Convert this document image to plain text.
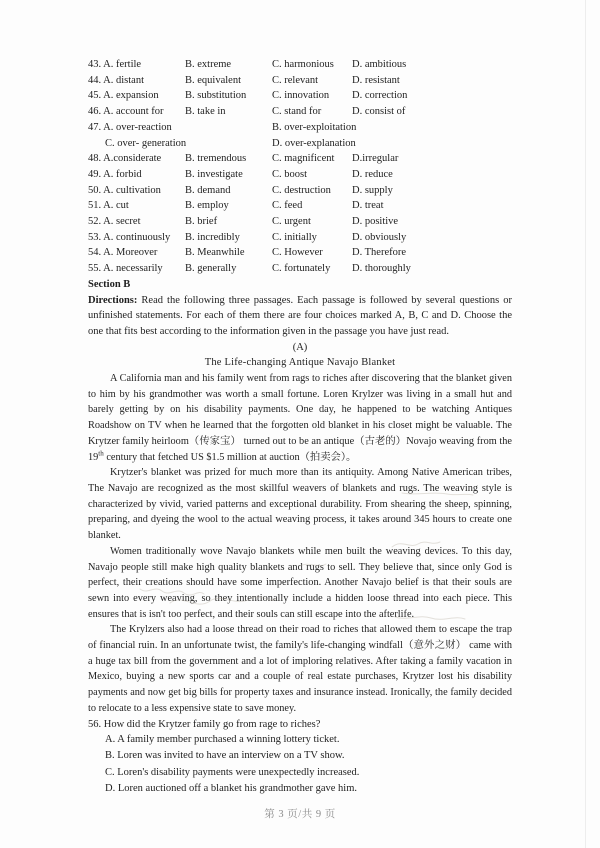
43. A. fertile	B. extreme	C. harmonious	D. ambitious
44. A. distant	B. equivalent	C. relevant	D. resistant
45. A. expansion	B. substitution	C. innovation	D. correction
46. A. account for	B. take in	C. stand for	D. consist of
47. A. over-reaction	B. over-exploitation
C. over- generation	D. over-explanation
48. A.considerate	B. tremendous	C. magnificent	D.irregular
49. A. forbid	B. investigate	C. boost	D. reduce
50. A. cultivation	B. demand	C. destruction	D. supply
51. A. cut	B. employ	C. feed	D. treat
52. A. secret	B. brief	C. urgent	D. positive
53. A. continuously	B. incredibly	C. initially	D. obviously
54. A. Moreover	B. Meanwhile	C. However	D. Therefore
55. A. necessarily	B. generally	C. fortunately	D. thoroughly
Section B

Directions: Read the following three passages. Each passage is followed by several questions or unfinished statements. For each of them there are four choices marked A, B, C and D. Choose the one that fits best according to the information given in the passage you have just read.

(A)
The Life-changing Antique Navajo Blanket

A California man and his family went from rags to riches after discovering that the blanket given to him by his grandmother was worth a small fortune. Loren Krylzer was living in a small hut and barely getting by on his disability payments. One day, he happened to be watching Antiques Roadshow on TV when he learned that the forgotten old blanket in his closet might be valuable. The Krytzer family heirloom（传家宝） turned out to be an antique（古老的）Novajo weaving from the 19th century that fetched US $1.5 million at auction（拍卖会）。

Krytzer's blanket was prized for much more than its antiquity. Among Native American tribes, The Navajo are recognized as the most skillful weavers of blankets and rugs. The weaving style is characterized by vivid, varied patterns and exceptional durability. From shearing the sheep, spinning, preparing, and dyeing the wool to the actual weaving process, it takes around 345 hours to create one blanket.

Women traditionally wove Navajo blankets while men built the weaving devices. To this day, Navajo people still make high quality blankets and rugs to sell. They believe that, since only God is perfect, their creations should have some imperfection. Another Navajo belief is that their souls are sewn into every weaving, so they intentionally include a hidden loose thread into each piece. This ensures that is isn't too perfect, and their souls can still escape into the afterlife.

The Krylzers also had a loose thread on their road to riches that allowed them to escape the trap of financial ruin. In an unfortunate twist, the family's life-changing windfall（意外之财） came with a huge tax bill from the government and a lot of imploring relatives. After taking a family vacation in Mexico, buying a new sports car and a couple of real estate purchases, Krytzer lost his disability payments and now get big bills for property taxes and insurance instead. Ironically, the family decided to relocate to a less expensive state to save money.

56. How did the Krytzer family go from rage to riches?
A. A family member purchased a winning lottery ticket.
B. Loren was invited to have an interview on a TV show.
C. Loren's disability payments were unexpectedly increased.
D. Loren auctioned off a blanket his grandmother gave him.
第 3 页/共 9 页
